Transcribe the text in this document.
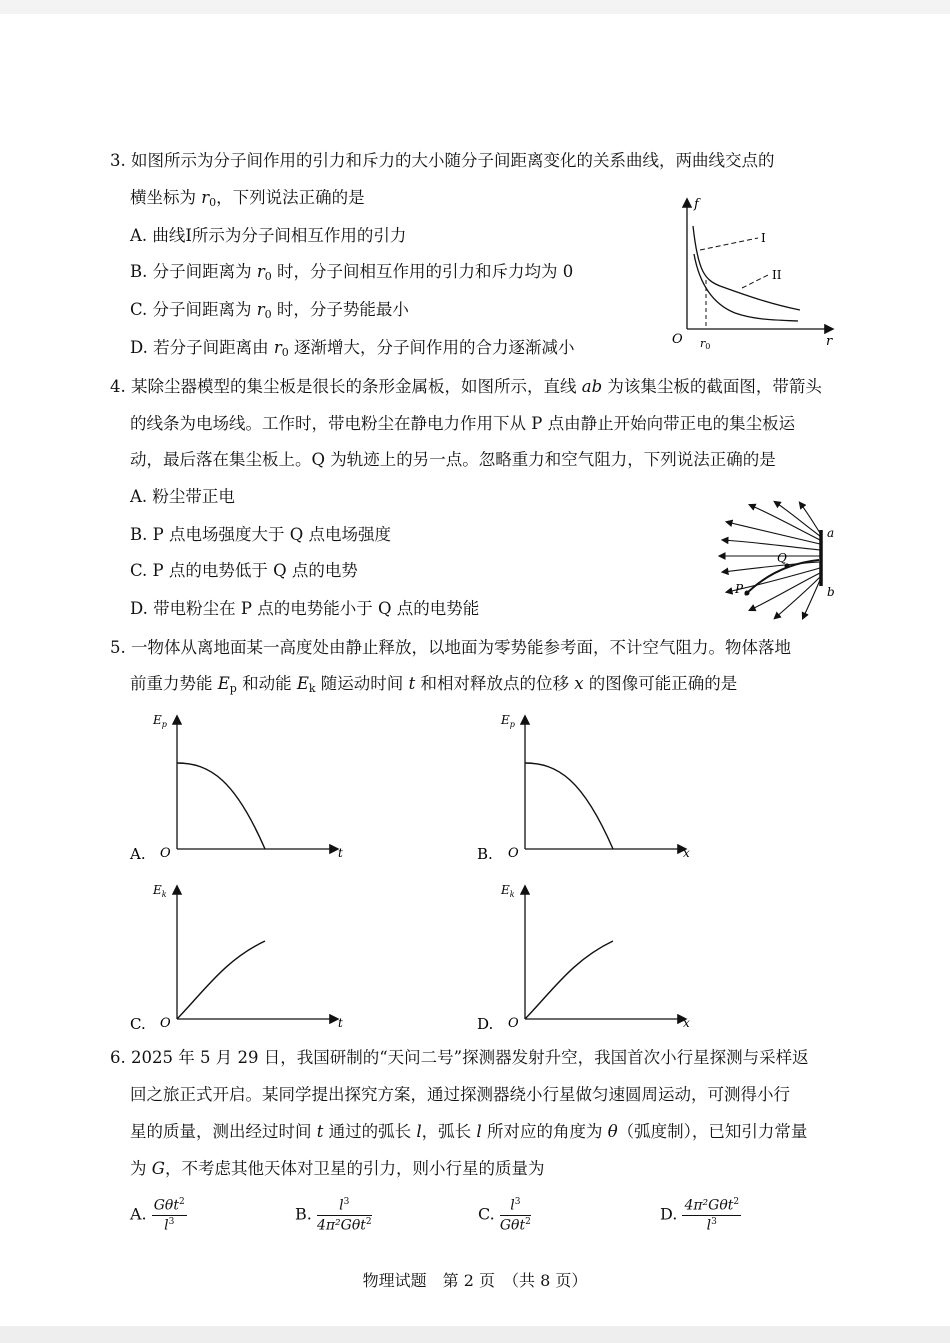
3. 如图所示为分子间作用的引力和斥力的大小随分子间距离变化的关系曲线，两曲线交点的
横坐标为 $r_0$，下列说法正确的是
A. 曲线Ⅰ所示为分子间相互作用的引力
B. 分子间距离为 $r_0$ 时，分子间相互作用的引力和斥力均为 0
C. 分子间距离为 $r_0$ 时，分子势能最小
D. 若分子间距离由 $r_0$ 逐渐增大，分子间作用的合力逐渐减小
f
r
O r0
I
II
4. 某除尘器模型的集尘板是很长的条形金属板，如图所示，直线 ab 为该集尘板的截面图，带箭头
的线条为电场线。工作时，带电粉尘在静电力作用下从 P 点由静止开始向带正电的集尘板运
动，最后落在集尘板上。Q 为轨迹上的另一点。忽略重力和空气阻力，下列说法正确的是
A. 粉尘带正电
B. P 点电场强度大于 Q 点电场强度
C. P 点的电势低于 Q 点的电势
D. 带电粉尘在 P 点的电势能小于 Q 点的电势能
a
b
P
Q
5. 一物体从离地面某一高度处由静止释放，以地面为零势能参考面，不计空气阻力。物体落地
前重力势能 $E_p$ 和动能 $E_k$ 随运动时间 t 和相对释放点的位移 x 的图像可能正确的是
$E_p$
A. O	t
$E_p$
B. O	x
$E_k$
C. O	t
$E_k$
D. O	x
6. 2025 年 5 月 29 日，我国研制的“天问二号”探测器发射升空，我国首次小行星探测与采样返
回之旅正式开启。某同学提出探究方案，通过探测器绕小行星做匀速圆周运动，可测得小行
星的质量，测出经过时间 t 通过的弧长 l，弧长 l 所对应的角度为 θ（弧度制），已知引力常量
为 G，不考虑其他天体对卫星的引力，则小行星的质量为
A. $\frac{G\theta t^2}{l^3}$	B. $\frac{l^3}{4\pi^2G\theta t^2}$	C. $\frac{l^3}{G\theta t^2}$	D. $\frac{4\pi^2G\theta t^2}{l^3}$
物理试题　第 2 页　（共 8 页）
